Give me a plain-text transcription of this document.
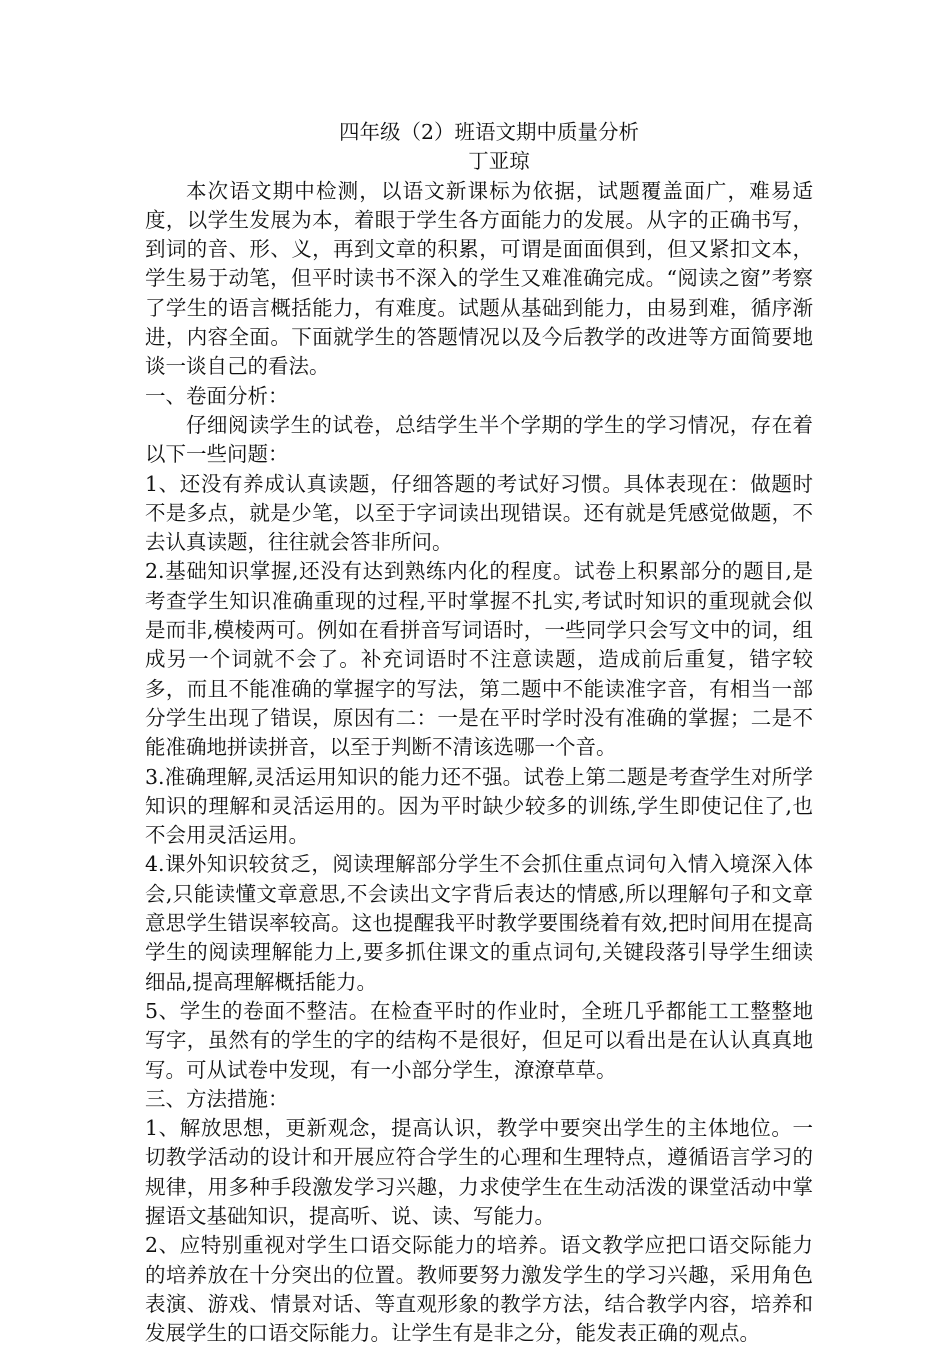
四年级（2）班语文期中质量分析

丁亚琼

本次语文期中检测，以语文新课标为依据，试题覆盖面广，难易适度，以学生发展为本，着眼于学生各方面能力的发展。从字的正确书写，到词的音、形、义，再到文章的积累，可谓是面面俱到，但又紧扣文本，学生易于动笔，但平时读书不深入的学生又难准确完成。“阅读之窗”考察了学生的语言概括能力，有难度。试题从基础到能力，由易到难，循序渐进，内容全面。下面就学生的答题情况以及今后教学的改进等方面简要地谈一谈自己的看法。

一、卷面分析：

仔细阅读学生的试卷，总结学生半个学期的学生的学习情况，存在着以下一些问题：

1、还没有养成认真读题，仔细答题的考试好习惯。具体表现在：做题时不是多点，就是少笔，以至于字词读出现错误。还有就是凭感觉做题，不去认真读题，往往就会答非所问。

2.基础知识掌握,还没有达到熟练内化的程度。试卷上积累部分的题目,是考查学生知识准确重现的过程,平时掌握不扎实,考试时知识的重现就会似是而非,模棱两可。例如在看拼音写词语时，一些同学只会写文中的词，组成另一个词就不会了。补充词语时不注意读题，造成前后重复，错字较多，而且不能准确的掌握字的写法，第二题中不能读准字音，有相当一部分学生出现了错误，原因有二：一是在平时学时没有准确的掌握；二是不能准确地拼读拼音，以至于判断不清该选哪一个音。

3.准确理解,灵活运用知识的能力还不强。试卷上第二题是考查学生对所学知识的理解和灵活运用的。因为平时缺少较多的训练,学生即使记住了,也不会用灵活运用。

4.课外知识较贫乏，阅读理解部分学生不会抓住重点词句入情入境深入体会,只能读懂文章意思,不会读出文字背后表达的情感,所以理解句子和文章意思学生错误率较高。这也提醒我平时教学要围绕着有效,把时间用在提高学生的阅读理解能力上,要多抓住课文的重点词句,关键段落引导学生细读细品,提高理解概括能力。

5、学生的卷面不整洁。在检查平时的作业时，全班几乎都能工工整整地写字，虽然有的学生的字的结构不是很好，但足可以看出是在认认真真地写。可从试卷中发现，有一小部分学生，潦潦草草。

三、方法措施：

1、解放思想，更新观念，提高认识，教学中要突出学生的主体地位。一切教学活动的设计和开展应符合学生的心理和生理特点，遵循语言学习的规律，用多种手段激发学习兴趣，力求使学生在生动活泼的课堂活动中掌握语文基础知识，提高听、说、读、写能力。

2、应特别重视对学生口语交际能力的培养。语文教学应把口语交际能力的培养放在十分突出的位置。教师要努力激发学生的学习兴趣，采用角色表演、游戏、情景对话、等直观形象的教学方法，结合教学内容，培养和发展学生的口语交际能力。让学生有是非之分，能发表正确的观点。
